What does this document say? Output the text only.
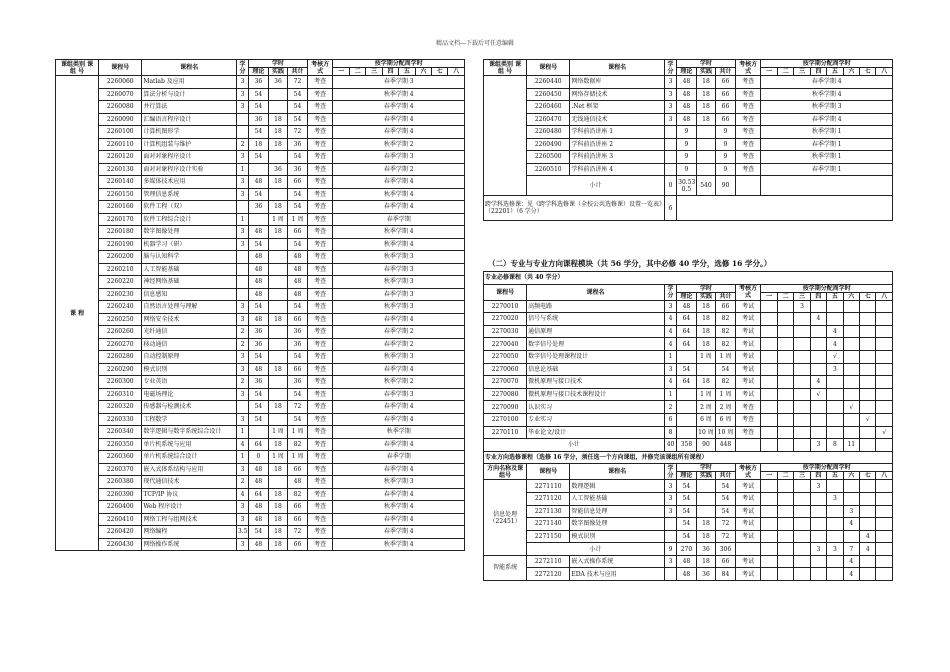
精品文档---下载后可任意编辑
课组类别 课 组 号	课程号	课程名	学分	学时			考核方式	按学期分配周学时							
				理论	实践	共计		一	二	三	四	五	六	七	八
课 程	2260060	Matlab 及应用	3	36	36	72	考查	春季学期 3							
	2260070	算法分析与设计	3	54		54	考查	秋季学期 4							
	2260080	并行算法	3	54		54	考查	春季学期 4							
	2260090	汇编语言程序设计		36	18	54	考查	春季学期 4							
	2260100	计算机图形学		54	18	72	考查	春季学期 4							
	2260110	计算机组装与维护	2	18	18	36	考查	秋季学期 2							
	2260120	面对对象程序设计	3	54		54	考查	春季学期 3							
	2260130	面对对象程序设计实验	1		36	36	考查	春季学期 2							
	2260140	多媒体技术应用	3	48	18	66	考查	春季学期 4							
	2260150	管理信息系统	3	54		54	考查	秋季学期 4							
	2260160	软件工程（双）		36	18	54	考查	春季学期 4							
	2260170	软件工程综合设计	1		1 周	1 周	考查	春季学期							
	2260180	数字图像处理	3	48	18	66	考查	秋季学期 4							
	2260190	机器学习（研）	3	54		54	考查	秋季学期 4							
	2260200	脑与认知科学		48		48	考查	秋季学期 3							
	2260210	人工智能基础		48		48	考查	春季学期 3							
	2260220	神经网络基础		48		48	考查	秋季学期 3							
	2260230	信息感知		48		48	考查	春季学期 3							
	2260240	自然语言处理与理解	3	54		54	考查	秋季学期 3							
	2260250	网络安全技术	3	48	18	66	考查	春季学期 4							
	2260260	光纤通信	2	36		36	考查	春季学期 2							
	2260270	移动通信	2	36		36	考查	春季学期 2							
	2260280	自动控制原理	3	54		54	考查	秋季学期 3							
	2260290	模式识别	3	48	18	66	考查	春季学期 4							
	2260300	专业英语	2	36		36	考查	秋季学期 2							
	2260310	电磁场理论	3	54		54	考查	春季学期 3							
	2260320	传感器与检测技术		54	18	72	考查	春季学期 4							
	2260330	工程数学	3	54		54	考查	春季学期 4							
	2260340	数字逻辑与数字系统综合设计	1		1 周	1 周	考查	秋季学期							
	2260350	单片机系统与应用	4	64	18	82	考查	春季学期 4							
	2260360	单片机系统综合设计	1	0	1 周	1 周	考查	春季学期							
	2260370	嵌入式体系结构与应用	3	48	18	66	考查	春季学期 4							
	2260380	现代通信技术	2	48		48	考查	秋季学期 3							
	2260390	TCP/IP 协议	4	64	18	82	考查	春季学期 4							
	2260400	Web 程序设计	3	48	18	66	考查	秋季学期 4							
	2260410	网络工程与组网技术	3	48	18	66	考查	春季学期 4							
	2260420	网络编程	3.5	54	18	72	考查	春季学期 4							
	2260430	网络操作系统	3	48	18	66	考查	秋季学期 4							
课组类别 课 组 号	课程号	课程名	学分	学时			考核方式	按学期分配周学时							
				理论	实践	共计		一	二	三	四	五	六	七	八
	2260440	网络数据库	3	48	18	66	考查	春季学期 4							
	2260450	网络存储技术	3	48	18	66	考查	秋季学期 4							
	2260460	.Net 框架	3	48	18	66	考查	秋季学期 3							
	2260470	无线通信技术	3	48	18	66	考查	春季学期 4							
	2260480	学科前沿讲座 1		9		9	考查	秋季学期 1							
	2260490	学科前沿讲座 2		9		9	考查	春季学期 1							
	2260500	学科前沿讲座 3		9		9	考查	秋季学期 1							
	2260510	学科前沿讲座 4		9		9	考查	春季学期 1							
	小计		0	30.53 0.5	540	90									
跨学科选修课：见《跨学科选修课（全校公共选修课）设置一览表》（22201）（6 学分）			6												
（二）专业与专业方向课程模块（共 56 学分，其中必修 40 学分，选修 16 学分。）
专业必修课程（共 40 学分）															
课程号	课程名		学分	学时			考核方式	按学期分配周学时							
				理论	实践	共计		一	二	三	四	五	六	七	八
2270010	高频电路		3	48	18	66	考试			3					
2270020	信号与系统		4	64	18	82	考试				4				
2270030	通信原理		4	64	18	82	考试					4			
2270040	数字信号处理		4	64	18	82	考试					4			
2270050	数字信号处理课程设计		1		1 周	1 周	考试					√			
2270060	信息论基础		3	54		54	考试					3			
2270070	微机原理与接口技术		4	64	18	82	考试				4				
2270080	微机原理与接口技术课程设计		1		1 周	1 周	考试				√				
2270090	认识实习		2		2 周	2 周	考查						√		
2270100	专业实习		6		6 周	6 周	考查							√	
2270110	毕业论文/设计		8		10 周	10 周	考查								√
小计			40	358	90	448					3	8	11		
专业方向选修课程（选修 16 学分，须任选一个方向课组，并修完该课组所有课程）															
方向名称及课组号	课程号	课程名	学分	学时			考核方式	按学期分配周学时							
				理论	实践	共计		一	二	三	四	五	六	七	八
信息处理（22451）	2271110	数理逻辑	3	54		54	考试				3				
	2271120	人工智能基础	3	54		54	考试					3			
	2271130	智能信息处理	3	54		54	考试						3		
	2271140	数字图像处理		54	18	72	考试						4		
	2271150	模式识别		54	18	72	考试							4	
	小计		9	270	36	306					3	3	7	4	
智能系统	2272110	嵌入式操作系统	3	48	18	66	考试						4		
	2272120	EDA 技术与应用		48	36	84	考试						4		
